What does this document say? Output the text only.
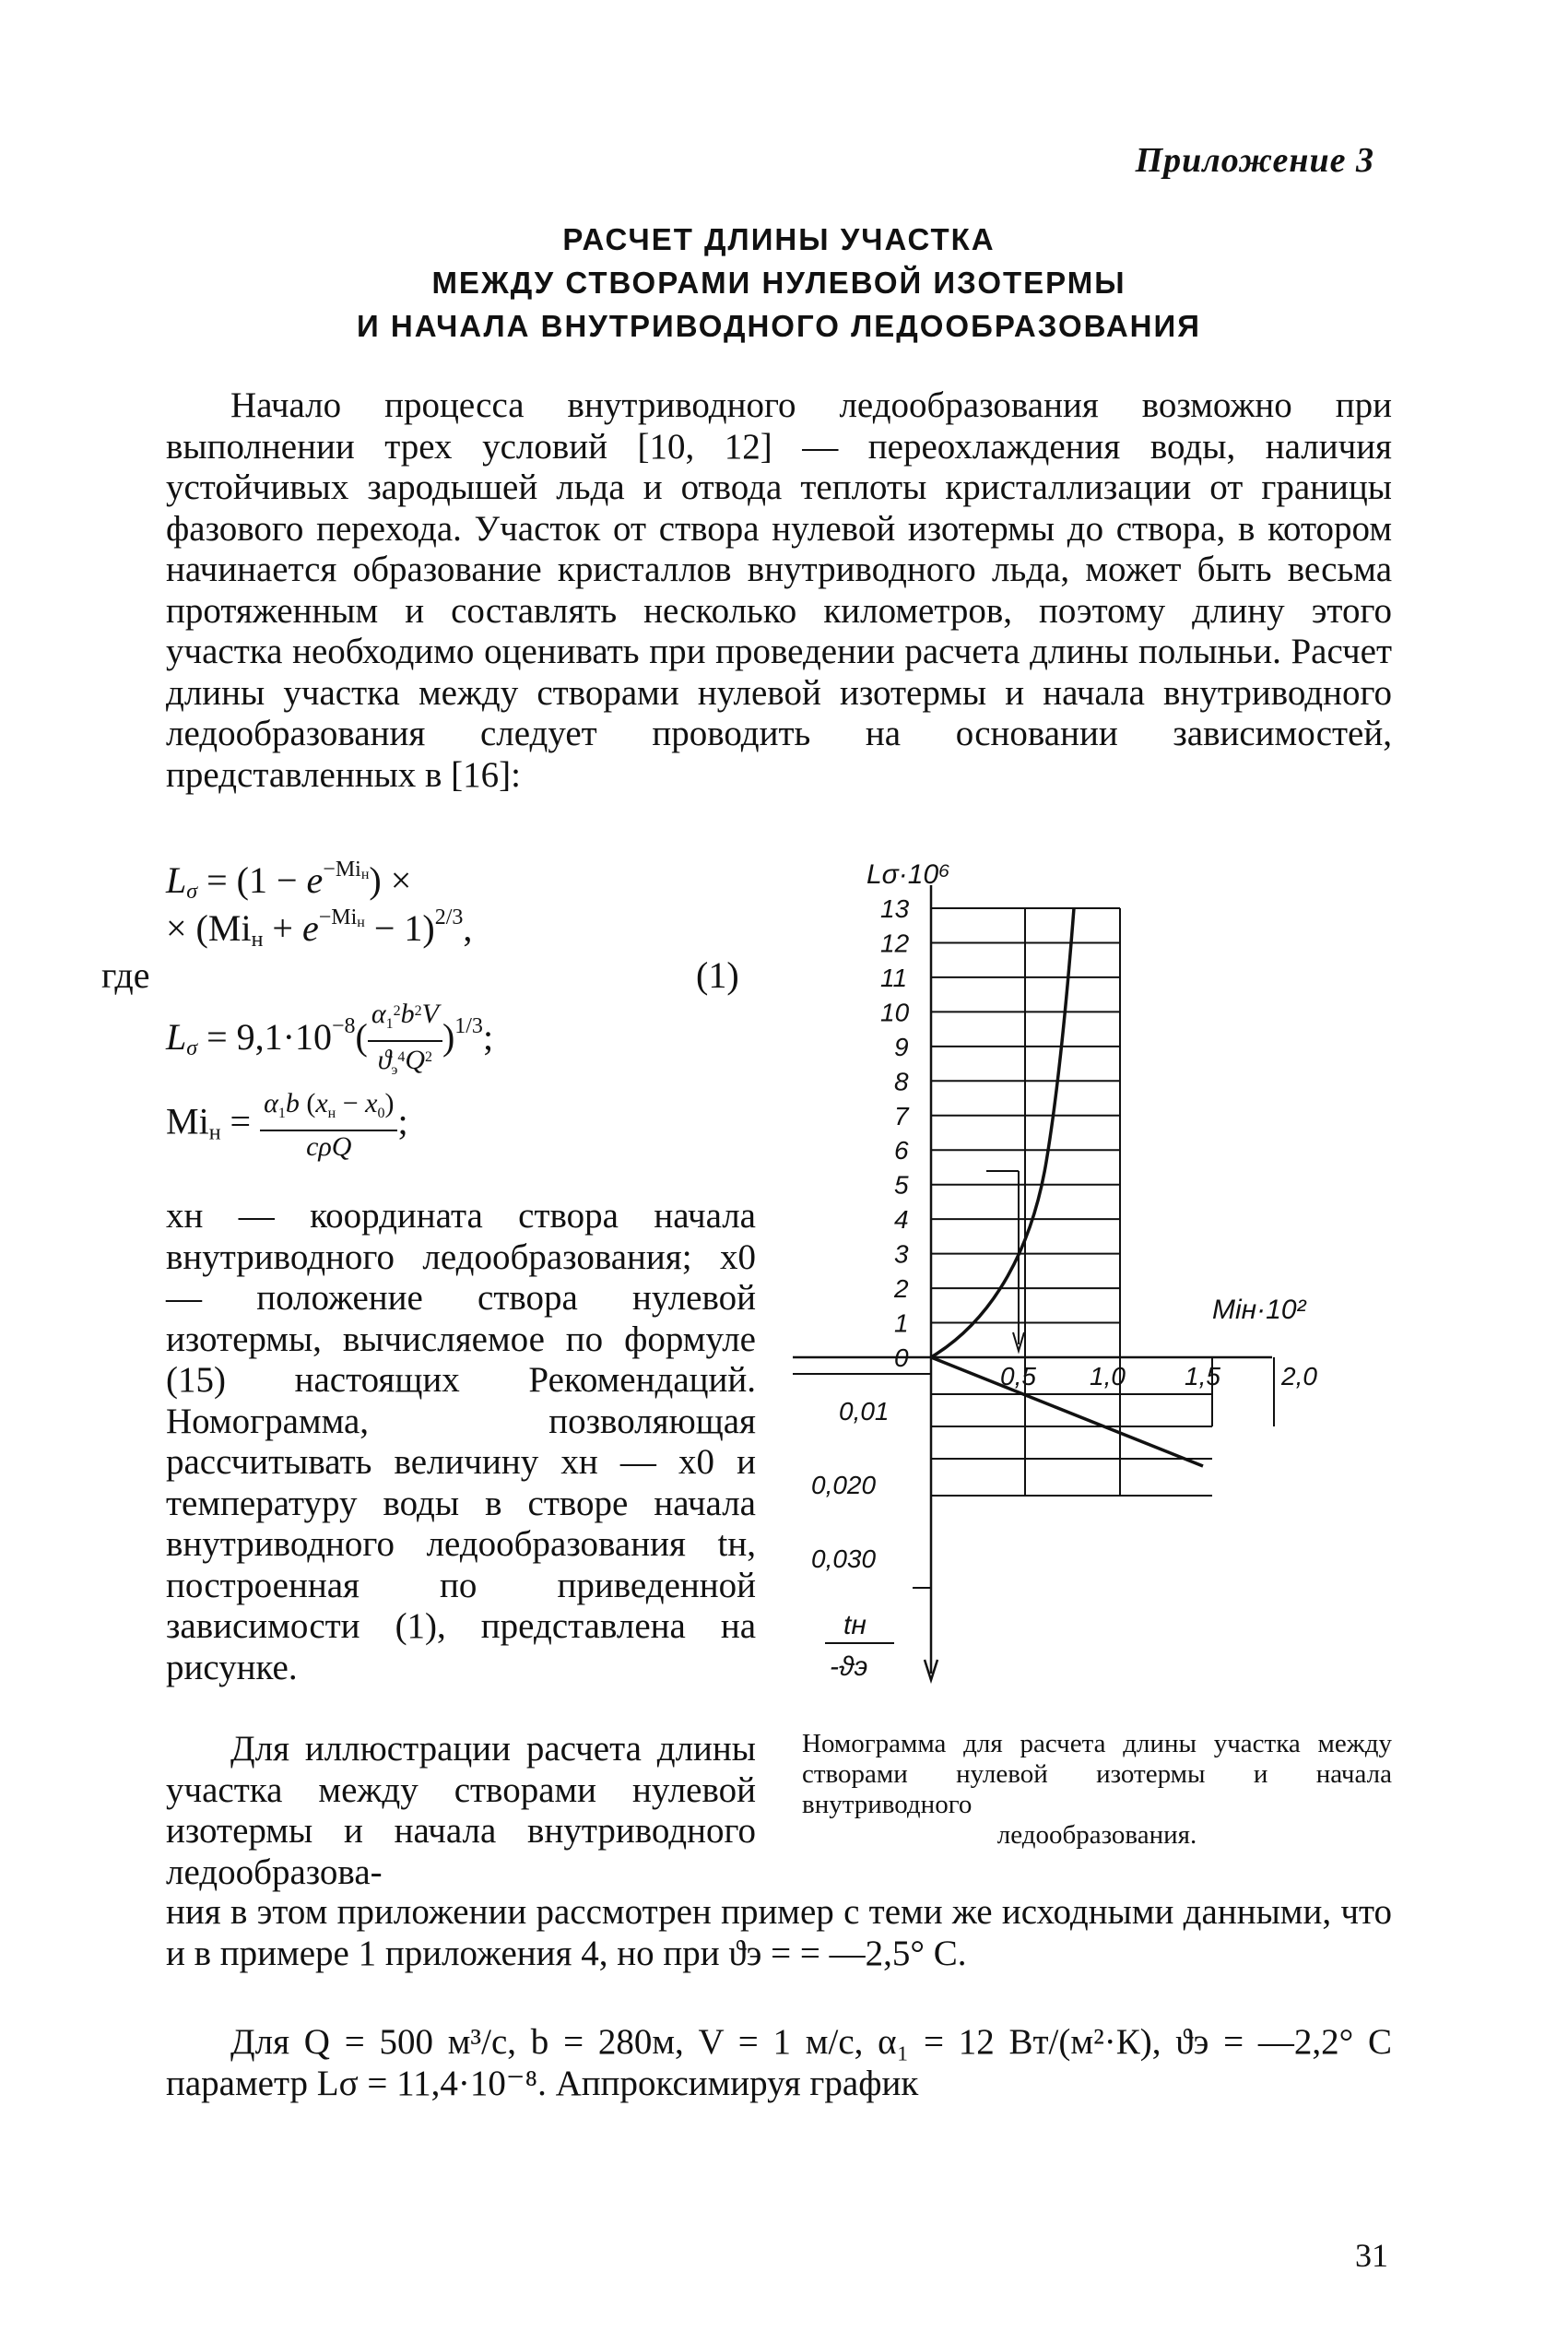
Приложение 3
РАСЧЕТ ДЛИНЫ УЧАСТКА
МЕЖДУ СТВОРАМИ НУЛЕВОЙ ИЗОТЕРМЫ
И НАЧАЛА ВНУТРИВОДНОГО ЛЕДООБРАЗОВАНИЯ
Начало процесса внутриводного ледообразования возможно при выполнении трех условий [10, 12] — переохлаждения воды, наличия устойчивых зародышей льда и отвода теплоты кристаллизации от границы фазового перехода. Участок от створа нулевой изотермы до створа, в котором начинается образование кристаллов внутриводного льда, может быть весьма протяженным и составлять несколько километров, поэтому длину этого участка необходимо оценивать при проведении расчета длины полыньи. Расчет длины участка между створами нулевой изотермы и начала внутриводного ледообразования следует проводить на основании зависимостей, представленных в [16]:
$L_\sigma = (1 - e^{-Mi_н})$ ×
× $(Mi_н + e^{-Mi_н} - 1)^{2/3}$,
где	(1)
$L_\sigma = 9,1\cdot 10^{-8}( \frac{\alpha_1^2b^2V}{ϑ_э^4Q^2} )^{1/3}$;
$Mi_н = \frac{\alpha_1b (x_н - x_0)}{\text{cρQ}}$ ;
xн — координата створа начала внутриводного ледообразования; x0 — положение створа нулевой изотермы, вычисляемое по формуле (15) настоящих Рекомендаций. Номограмма, позволяющая рассчитывать величину xн — x0 и температуру воды в створе начала внутриводного ледообразования tн, построенная по приведенной зависимости (1), представлена на рисунке.
Для иллюстрации расчета длины участка между створами нулевой изотермы и начала внутриводного ледообразова-
ния в этом приложении рассмотрен пример с теми же исходными данными, что и в примере 1 приложения 4, но при ϑэ = = —2,5° C.
Для Q = 500 м³/с, b = 280м, V = 1 м/с, α₁ = 12 Вт/(м²·К), ϑэ = —2,2° C параметр Lσ = 11,4·10⁻⁸. Аппроксимируя график
Lσ·10⁶
13
12
11
10
9
8
7
6
5
4
3
2
1
0
Miн·10²
0,5 1,0 1,5 2,0
0,01
0,020
0,030
tн
-ϑэ
Номограмма для расчета длины участка между створами нулевой изотермы и начала внутриводного
ледообразования.
31
